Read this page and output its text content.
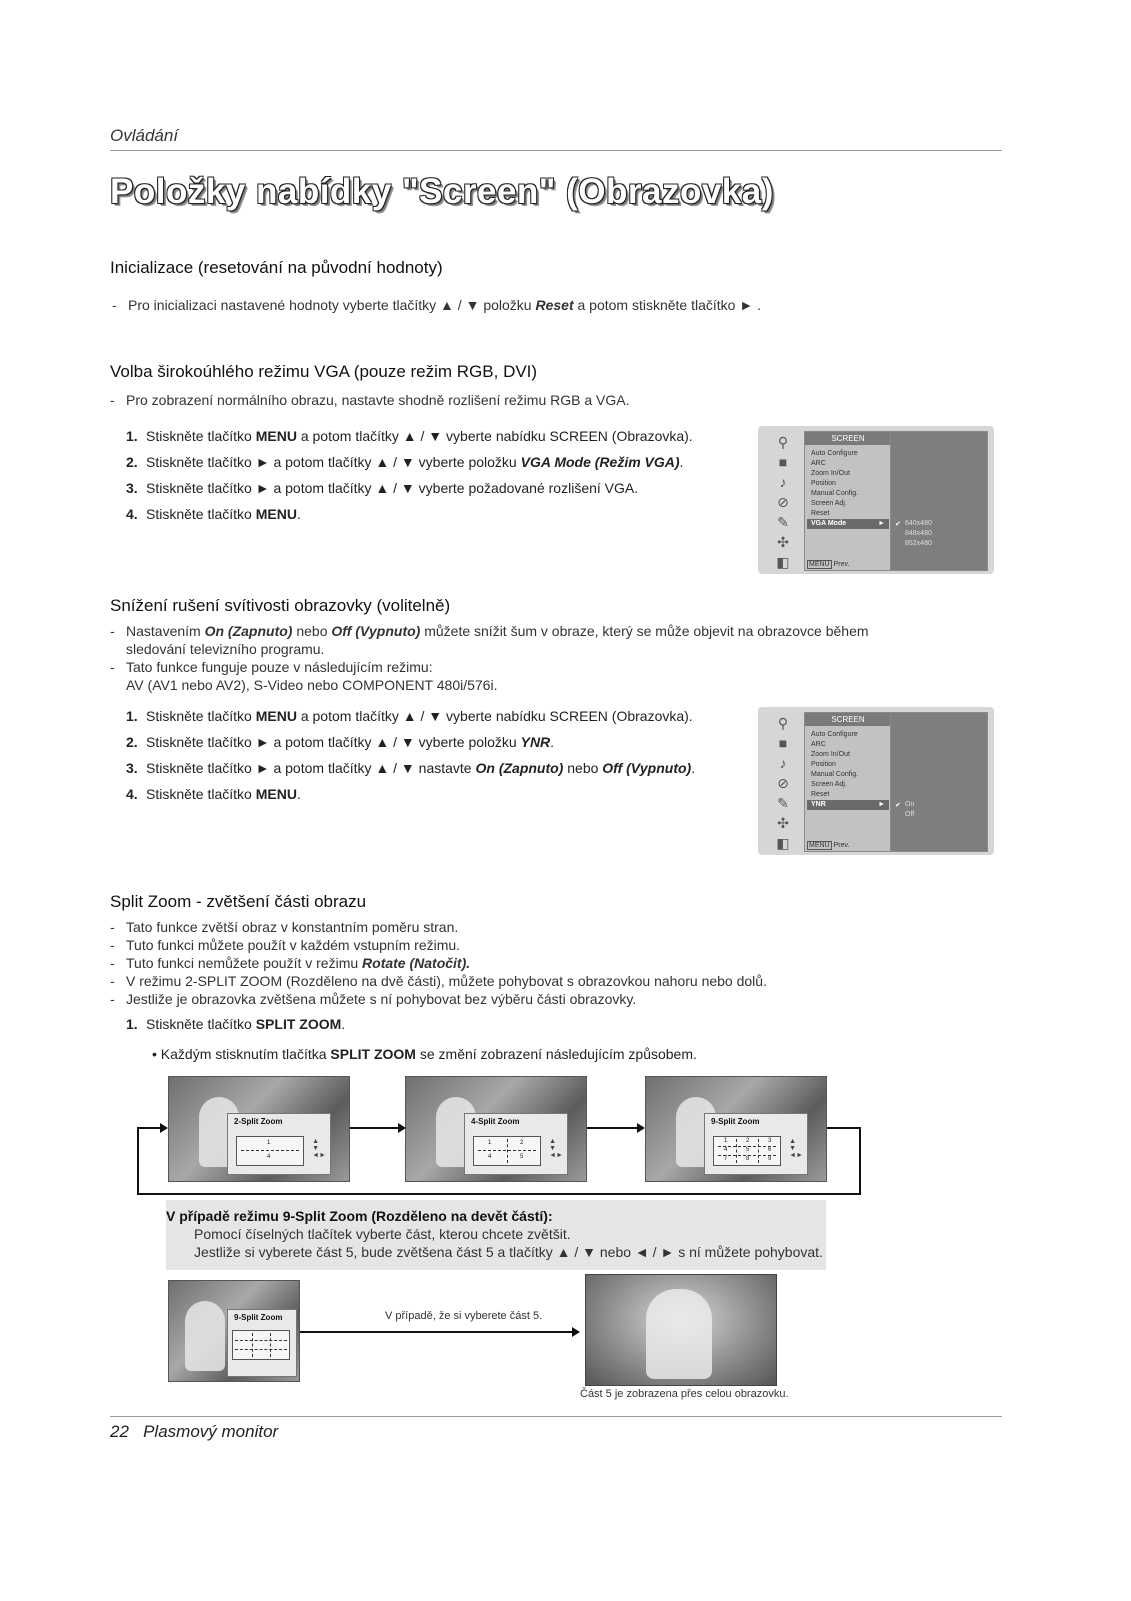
Ovládání
Položky nabídky "Screen" (Obrazovka)
Inicializace (resetování na původní hodnoty)
- Pro inicializaci nastavené hodnoty vyberte tlačítky ▲ / ▼ položku Reset a potom stiskněte tlačítko ► .
Volba širokoúhlého režimu VGA (pouze režim RGB, DVI)
- Pro zobrazení normálního obrazu, nastavte shodně rozlišení režimu RGB a VGA.
1. Stiskněte tlačítko MENU a potom tlačítky ▲ / ▼ vyberte nabídku SCREEN (Obrazovka).
2. Stiskněte tlačítko ► a potom tlačítky ▲ / ▼ vyberte položku VGA Mode (Režim VGA).
3. Stiskněte tlačítko ► a potom tlačítky ▲ / ▼ vyberte požadované rozlišení VGA.
4. Stiskněte tlačítko MENU.
⚲
■
♪
⊘
✎
✣
◧
SCREEN
Auto Configure
ARC
Zoom In/Out
Position
Manual Config.
Screen Adj.
Reset
VGA Mode	►
MENU Prev.
✔ 640x480
848x480
852x480
Snížení rušení svítivosti obrazovky (volitelně)
- Nastavením On (Zapnuto) nebo Off (Vypnuto) můžete snížit šum v obraze, který se může objevit na obrazovce během
sledování televizního programu.
- Tato funkce funguje pouze v následujícím režimu:
AV (AV1 nebo AV2), S-Video nebo COMPONENT 480i/576i.
1. Stiskněte tlačítko MENU a potom tlačítky ▲ / ▼ vyberte nabídku SCREEN (Obrazovka).
2. Stiskněte tlačítko ► a potom tlačítky ▲ / ▼ vyberte položku YNR.
3. Stiskněte tlačítko ► a potom tlačítky ▲ / ▼ nastavte On (Zapnuto) nebo Off (Vypnuto).
4. Stiskněte tlačítko MENU.
⚲
■
♪
⊘
✎
✣
◧
SCREEN
Auto Configure
ARC
Zoom In/Out
Position
Manual Config.
Screen Adj.
Reset
YNR	►
MENU Prev.
✔ On
Off
Split Zoom - zvětšení části obrazu
- Tato funkce zvětší obraz v konstantním poměru stran.
- Tuto funkci můžete použít v každém vstupním režimu.
- Tuto funkci nemůžete použít v režimu Rotate (Natočit).
- V režimu 2-SPLIT ZOOM (Rozděleno na dvě části), můžete pohybovat s obrazovkou nahoru nebo dolů.
- Jestliže je obrazovka zvětšena můžete s ní pohybovat bez výběru části obrazovky.
1. Stiskněte tlačítko SPLIT ZOOM.
• Každým stisknutím tlačítka SPLIT ZOOM se změní zobrazení následujícím způsobem.
2-Split Zoom
1
4
▲
▼
◄►
4-Split Zoom
1	2
4	5
▲
▼
◄►
9-Split Zoom
1	2	3
4	5	6
7	8	9
▲
▼
◄►
V případě režimu 9-Split Zoom (Rozděleno na devět částí):
Pomocí číselných tlačítek vyberte část, kterou chcete zvětšit.
Jestliže si vyberete část 5, bude zvětšena část 5 a tlačítky ▲ / ▼ nebo ◄ / ► s ní můžete pohybovat.
9-Split Zoom	V případě, že si vyberete část 5.
Část 5 je zobrazena přes celou obrazovku.
22 Plasmový monitor
